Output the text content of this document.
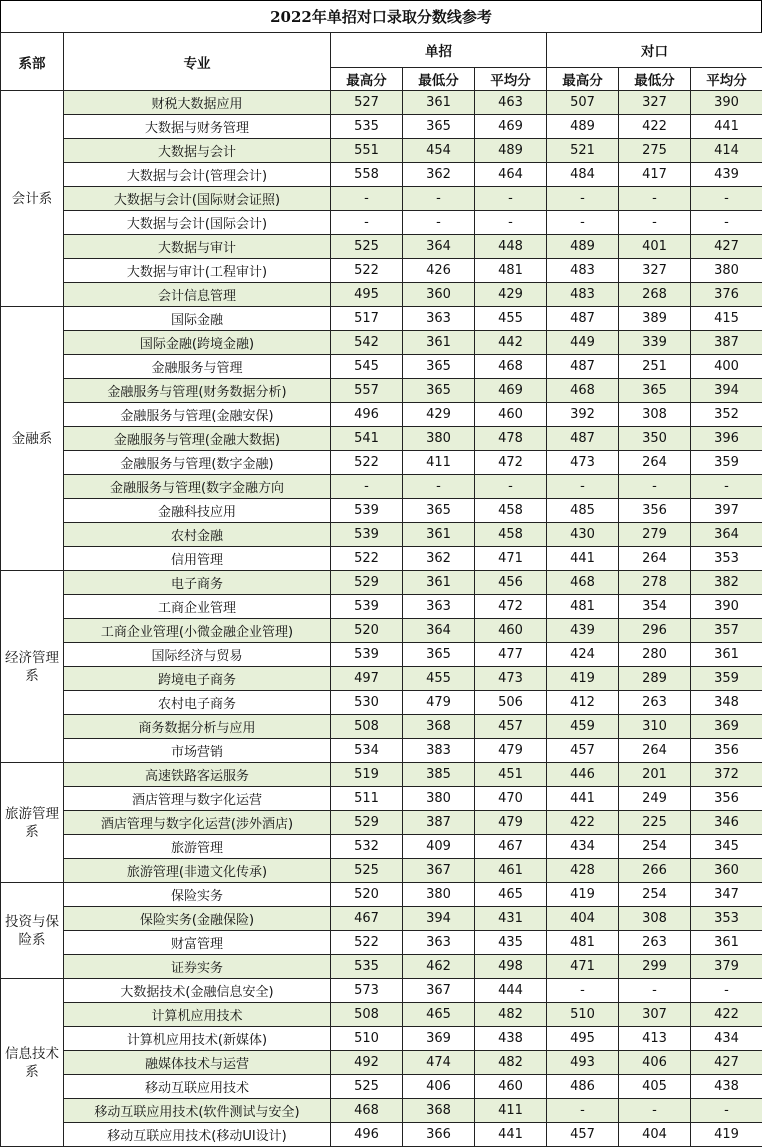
2022年单招对口录取分数线参考
系部	专业	单招			对口		
		最高分	最低分	平均分	最高分	最低分	平均分
会计系	财税大数据应用	527	361	463	507	327	390
	大数据与财务管理	535	365	469	489	422	441
	大数据与会计	551	454	489	521	275	414
	大数据与会计(管理会计)	558	362	464	484	417	439
	大数据与会计(国际财会证照)	-	-	-	-	-	-
	大数据与会计(国际会计)	-	-	-	-	-	-
	大数据与审计	525	364	448	489	401	427
	大数据与审计(工程审计)	522	426	481	483	327	380
	会计信息管理	495	360	429	483	268	376
金融系	国际金融	517	363	455	487	389	415
	国际金融(跨境金融)	542	361	442	449	339	387
	金融服务与管理	545	365	468	487	251	400
	金融服务与管理(财务数据分析)	557	365	469	468	365	394
	金融服务与管理(金融安保)	496	429	460	392	308	352
	金融服务与管理(金融大数据)	541	380	478	487	350	396
	金融服务与管理(数字金融)	522	411	472	473	264	359
	金融服务与管理(数字金融方向	-	-	-	-	-	-
	金融科技应用	539	365	458	485	356	397
	农村金融	539	361	458	430	279	364
	信用管理	522	362	471	441	264	353
经济管理系	电子商务	529	361	456	468	278	382
	工商企业管理	539	363	472	481	354	390
	工商企业管理(小微金融企业管理)	520	364	460	439	296	357
	国际经济与贸易	539	365	477	424	280	361
	跨境电子商务	497	455	473	419	289	359
	农村电子商务	530	479	506	412	263	348
	商务数据分析与应用	508	368	457	459	310	369
	市场营销	534	383	479	457	264	356
旅游管理系	高速铁路客运服务	519	385	451	446	201	372
	酒店管理与数字化运营	511	380	470	441	249	356
	酒店管理与数字化运营(涉外酒店)	529	387	479	422	225	346
	旅游管理	532	409	467	434	254	345
	旅游管理(非遗文化传承)	525	367	461	428	266	360
投资与保险系	保险实务	520	380	465	419	254	347
	保险实务(金融保险)	467	394	431	404	308	353
	财富管理	522	363	435	481	263	361
	证券实务	535	462	498	471	299	379
信息技术系	大数据技术(金融信息安全)	573	367	444	-	-	-
	计算机应用技术	508	465	482	510	307	422
	计算机应用技术(新媒体)	510	369	438	495	413	434
	融媒体技术与运营	492	474	482	493	406	427
	移动互联应用技术	525	406	460	486	405	438
	移动互联应用技术(软件测试与安全)	468	368	411	-	-	-
	移动互联应用技术(移动UI设计)	496	366	441	457	404	419
